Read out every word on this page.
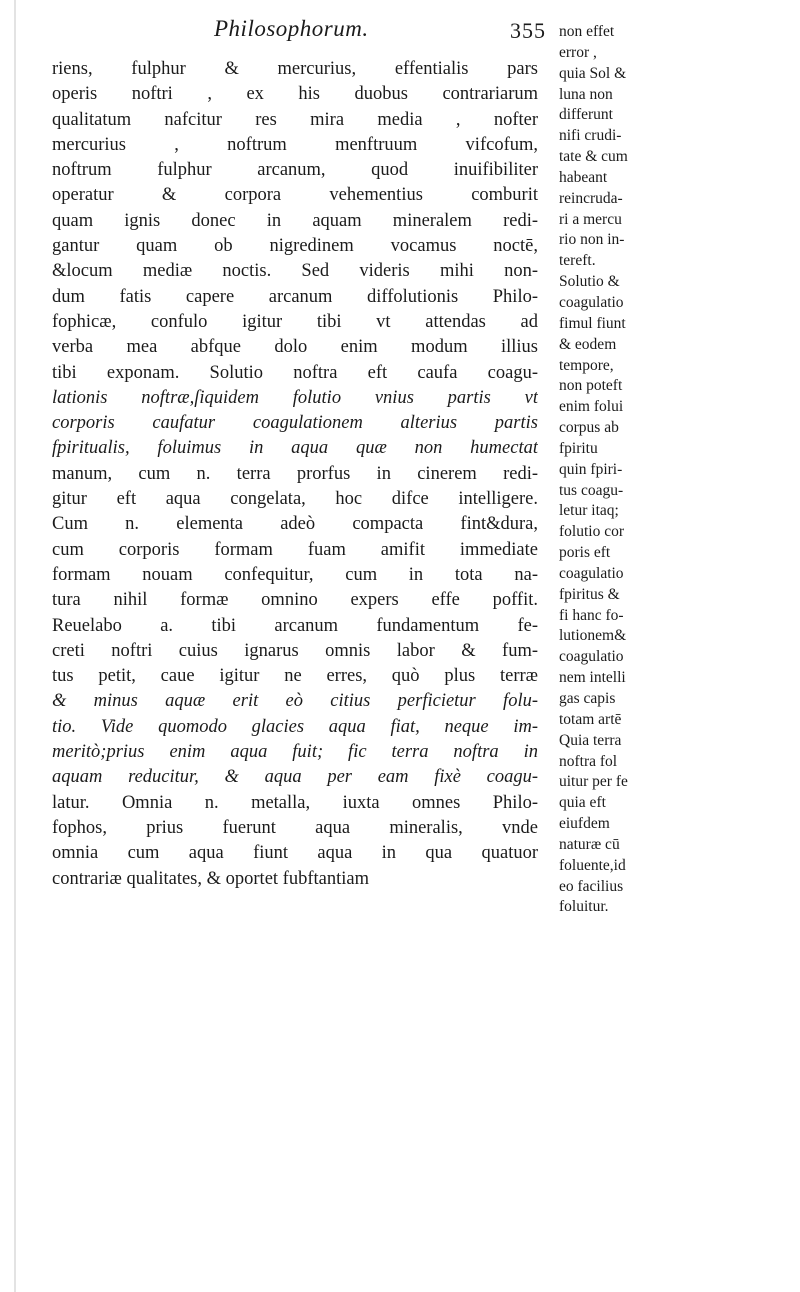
Philosophorum.	355
riens, fulphur & mercurius, effentialis pars
operis noftri , ex his duobus contrariarum
qualitatum nafcitur res mira media , nofter
mercurius , noftrum menftruum vifcofum,
noftrum fulphur arcanum, quod inuifibiliter
operatur & corpora vehementius comburit
quam ignis donec in aquam mineralem redi-
gantur quam ob nigredinem vocamus noctē,
&locum mediæ noctis. Sed videris mihi non-
dum fatis capere arcanum diffolutionis Philo-
fophicæ, confulo igitur tibi vt attendas ad
verba mea abfque dolo enim modum illius
tibi exponam. Solutio noftra eft caufa coagu-
lationis noftræ,ſiquidem folutio vnius partis vt
corporis caufatur coagulationem alterius partis
fpiritualis, foluimus in aqua quæ non humectat
manum, cum n. terra prorfus in cinerem redi-
gitur eft aqua congelata, hoc difce intelligere.
Cum n. elementa adeò compacta fint&dura,
cum corporis formam fuam amifit immediate
formam nouam confequitur, cum in tota na-
tura nihil formæ omnino expers effe poffit.
Reuelabo a. tibi arcanum fundamentum fe-
creti noftri cuius ignarus omnis labor & fum-
tus petit, caue igitur ne erres, quò plus terræ
& minus aquæ erit eò citius perficietur folu-
tio. Vide quomodo glacies aqua fiat, neque im-
meritò;prius enim aqua fuit; fic terra noftra in
aquam reducitur, & aqua per eam fixè coagu-
latur. Omnia n. metalla, iuxta omnes Philo-
fophos, prius fuerunt aqua mineralis, vnde
omnia cum aqua fiunt aqua in qua quatuor
contrariæ qualitates, & oportet fubftantiam
non effet
error ,
quia Sol &
luna non
differunt
nifi crudi-
tate & cum
habeant
reincruda-
ri a mercu
rio non in-
tereft.
Solutio &
coagulatio
fimul fiunt
& eodem
tempore,
non poteft
enim folui
corpus ab
fpiritu
quin fpiri-
tus coagu-
letur itaq;
folutio cor
poris eft
coagulatio
fpiritus &
fi hanc fo-
lutionem&
coagulatio
nem intelli
gas capis
totam artē
Quia terra
noftra fol
uitur per fe
quia eft
eiufdem
naturæ cū
foluente,id
eo facilius
foluitur.
